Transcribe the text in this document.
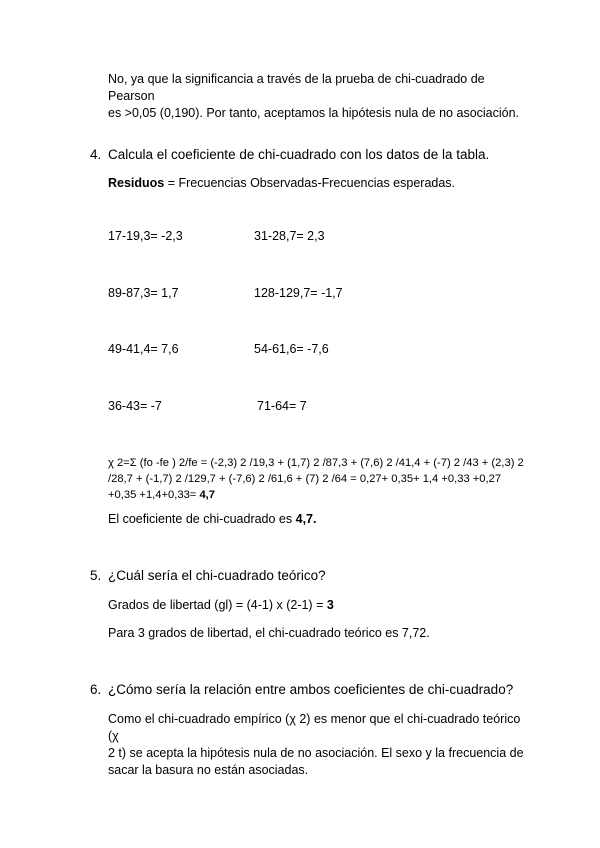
No, ya que la significancia a través de la prueba de chi-cuadrado de Pearson
es >0,05 (0,190). Por tanto, aceptamos la hipótesis nula de no asociación.
4. Calcula el coeficiente de chi-cuadrado con los datos de la tabla.
Residuos = Frecuencias Observadas-Frecuencias esperadas.
17-19,3= -2,3	31-28,7= 2,3
89-87,3= 1,7	128-129,7= -1,7
49-41,4= 7,6	54-61,6= -7,6
36-43= -7	71-64= 7
χ 2=Σ (fo -fe ) 2/fe = (-2,3) 2 /19,3 + (1,7) 2 /87,3 + (7,6) 2 /41,4 + (-7) 2 /43 + (2,3) 2
/28,7 + (-1,7) 2 /129,7 + (-7,6) 2 /61,6 + (7) 2 /64 = 0,27+ 0,35+ 1,4 +0,33 +0,27
+0,35 +1,4+0,33= 4,7
El coeficiente de chi-cuadrado es 4,7.
5. ¿Cuál sería el chi-cuadrado teórico?
Grados de libertad (gl) = (4-1) x (2-1) = 3
Para 3 grados de libertad, el chi-cuadrado teórico es 7,72.
6. ¿Cómo sería la relación entre ambos coeficientes de chi-cuadrado?
Como el chi-cuadrado empírico (χ 2) es menor que el chi-cuadrado teórico (χ
2 t) se acepta la hipótesis nula de no asociación. El sexo y la frecuencia de
sacar la basura no están asociadas.
